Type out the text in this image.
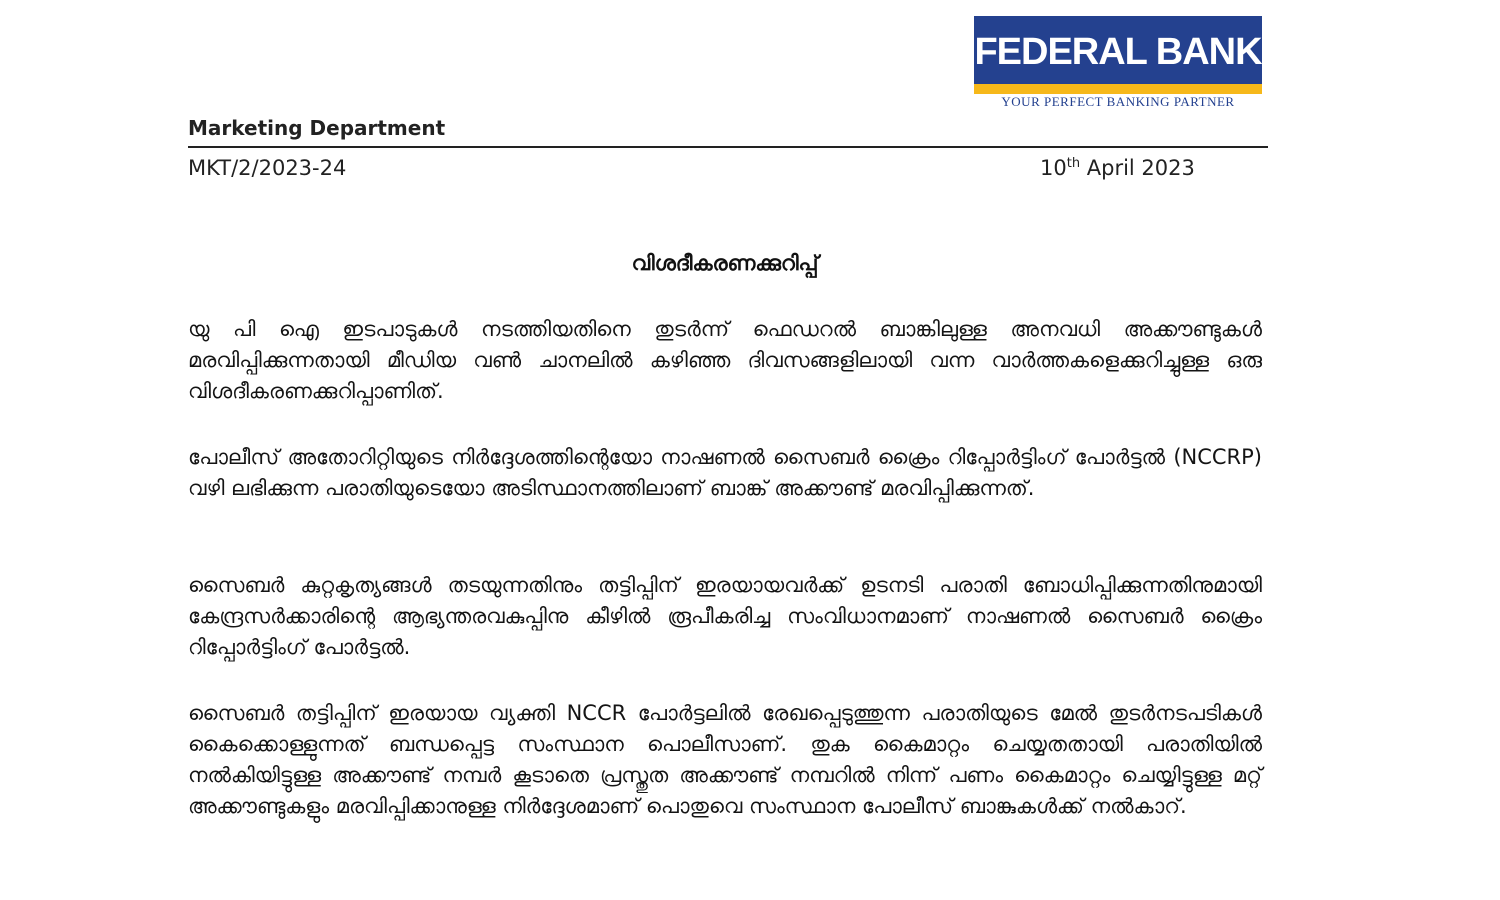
FEDERAL BANK
YOUR PERFECT BANKING PARTNER
Marketing Department
MKT/2/2023-24	10th April 2023
വിശദീകരണക്കുറിപ്പ്

യു പി ഐ ഇടപാടുകൾ നടത്തിയതിനെ തുടർന്ന് ഫെഡറൽ ബാങ്കിലുള്ള അനവധി അക്കൗണ്ടുകൾ മരവിപ്പിക്കുന്നതായി മീഡിയ വൺ ചാനലിൽ കഴിഞ്ഞ ദിവസങ്ങളിലായി വന്ന വാർത്തകളെക്കുറിച്ചുള്ള ഒരു വിശദീകരണക്കുറിപ്പാണിത്.

പോലീസ് അതോറിറ്റിയുടെ നിർദ്ദേശത്തിന്റെയോ നാഷണൽ സൈബർ ക്രൈം റിപ്പോർട്ടിംഗ് പോർട്ടൽ (NCCRP) വഴി ലഭിക്കുന്ന പരാതിയുടെയോ അടിസ്ഥാനത്തിലാണ് ബാങ്ക് അക്കൗണ്ട് മരവിപ്പിക്കുന്നത്.

സൈബർ കുറ്റകൃത്യങ്ങൾ തടയുന്നതിനും തട്ടിപ്പിന് ഇരയായവർക്ക് ഉടനടി പരാതി ബോധിപ്പിക്കുന്നതിനുമായി കേന്ദ്രസർക്കാരിന്റെ ആഭ്യന്തരവകുപ്പിനു കീഴിൽ രൂപീകരിച്ച സംവിധാനമാണ് നാഷണൽ സൈബർ ക്രൈം റിപ്പോർട്ടിംഗ് പോർട്ടൽ.

സൈബർ തട്ടിപ്പിന് ഇരയായ വ്യക്തി NCCR പോർട്ടലിൽ രേഖപ്പെടുത്തുന്ന പരാതിയുടെ മേൽ തുടർനടപടികൾ കൈക്കൊള്ളുന്നത് ബന്ധപ്പെട്ട സംസ്ഥാന പൊലീസാണ്. തുക കൈമാറ്റം ചെയ്യതതായി പരാതിയിൽ നൽകിയിട്ടുള്ള അക്കൗണ്ട് നമ്പർ കൂടാതെ പ്രസ്തുത അക്കൗണ്ട് നമ്പറിൽ നിന്ന് പണം കൈമാറ്റം ചെയ്യിട്ടുള്ള മറ്റ് അക്കൗണ്ടുകളും മരവിപ്പിക്കാനുള്ള നിർദ്ദേശമാണ് പൊതുവെ സംസ്ഥാന പോലീസ് ബാങ്കുകൾക്ക് നൽകാറ്.
